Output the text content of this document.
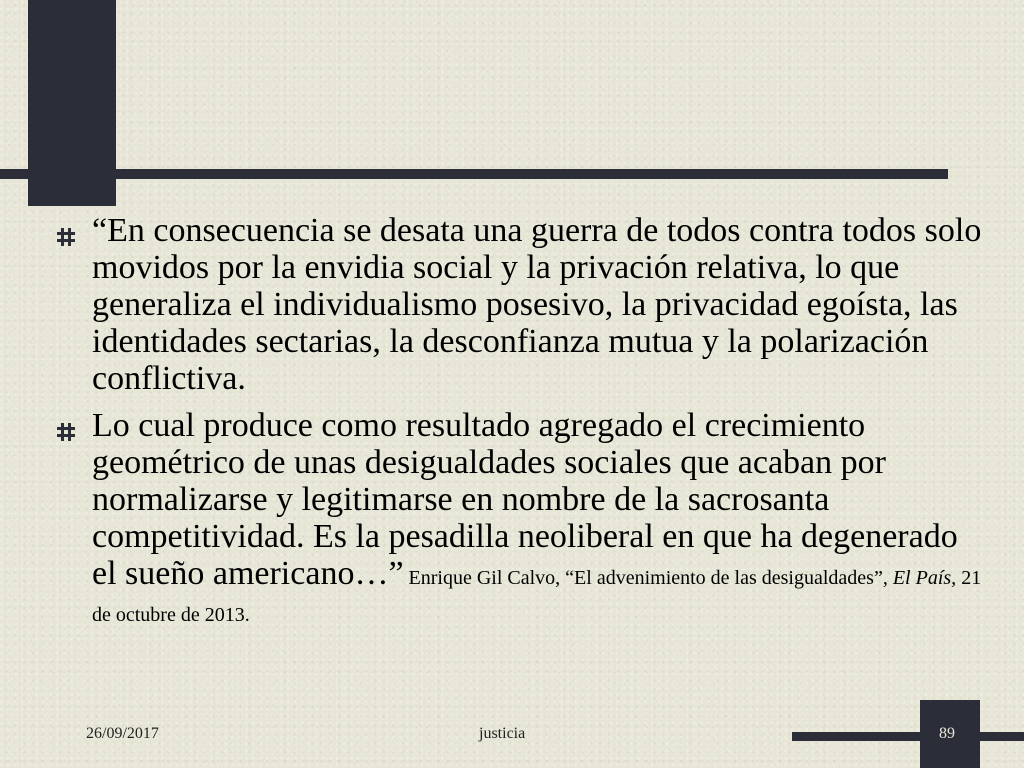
“En consecuencia se desata una guerra de todos contra todos solo movidos por la envidia social y la privación relativa, lo que generaliza el individualismo posesivo, la privacidad egoísta, las identidades sectarias, la desconfianza mutua y la polarización conflictiva.
Lo cual produce como resultado agregado el crecimiento geométrico de unas desigualdades sociales que acaban por normalizarse y legitimarse en nombre de la sacrosanta competitividad. Es la pesadilla neoliberal en que ha degenerado el sueño americano…” Enrique Gil Calvo, “El advenimiento de las desigualdades”, El País, 21 de octubre de 2013.
26/09/2017	justicia	89
